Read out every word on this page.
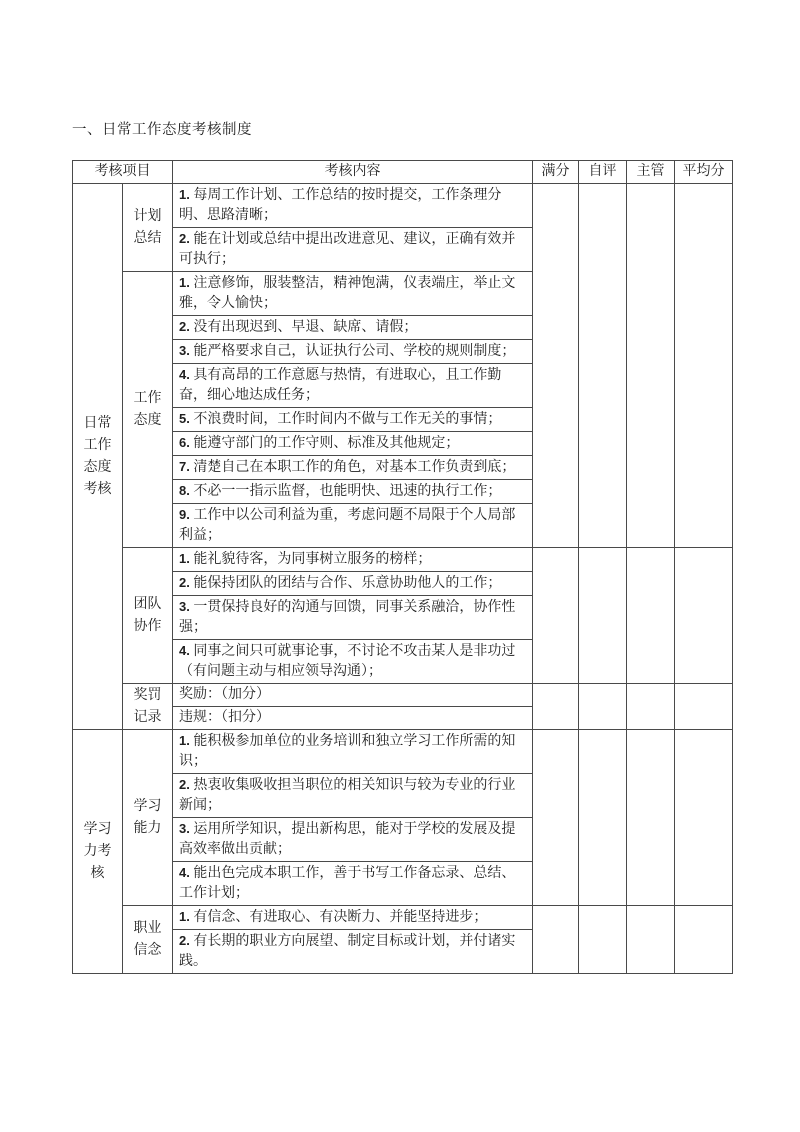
一、日常工作态度考核制度
考核项目		考核内容	满分	自评	主管	平均分
日常工作态度考核	计划总结	1. 每周工作计划、工作总结的按时提交，工作条理分明、思路清晰；				
		2. 能在计划或总结中提出改进意见、建议，正确有效并可执行；				
	工作态度	1. 注意修饰，服装整洁，精神饱满，仪表端庄，举止文雅，令人愉快；				
		2. 没有出现迟到、早退、缺席、请假；				
		3. 能严格要求自己，认证执行公司、学校的规则制度；				
		4. 具有高昂的工作意愿与热情，有进取心，且工作勤奋，细心地达成任务；				
		5. 不浪费时间，工作时间内不做与工作无关的事情；				
		6. 能遵守部门的工作守则、标准及其他规定；				
		7. 清楚自己在本职工作的角色，对基本工作负责到底；				
		8. 不必一一指示监督，也能明快、迅速的执行工作；				
		9. 工作中以公司利益为重，考虑问题不局限于个人局部利益；				
	团队协作	1. 能礼貌待客，为同事树立服务的榜样；				
		2. 能保持团队的团结与合作、乐意协助他人的工作；				
		3. 一贯保持良好的沟通与回馈，同事关系融洽，协作性强；				
		4. 同事之间只可就事论事，不讨论不攻击某人是非功过（有问题主动与相应领导沟通）；				
	奖罚记录	奖励：（加分）				
		违规：（扣分）				
学习力考核	学习能力	1. 能积极参加单位的业务培训和独立学习工作所需的知识；				
		2. 热衷收集吸收担当职位的相关知识与较为专业的行业新闻；				
		3. 运用所学知识，提出新构思，能对于学校的发展及提高效率做出贡献；				
		4. 能出色完成本职工作，善于书写工作备忘录、总结、工作计划；				
	职业信念	1. 有信念、有进取心、有决断力、并能坚持进步；				
		2. 有长期的职业方向展望、制定目标或计划，并付诸实践。				
